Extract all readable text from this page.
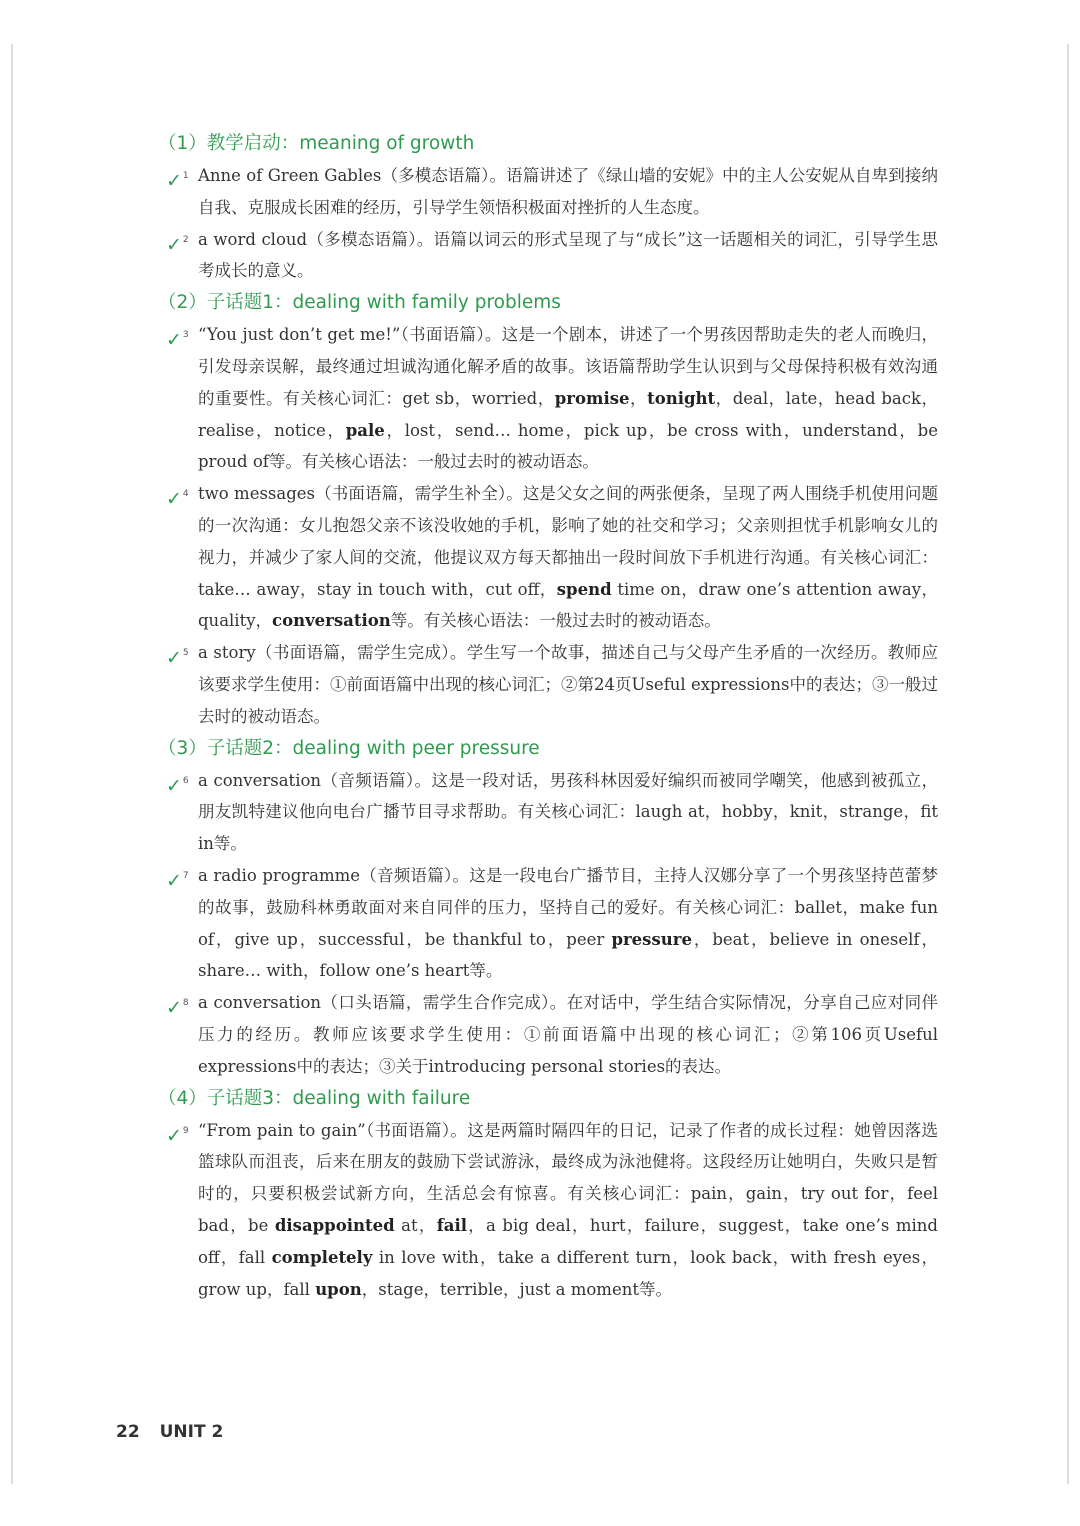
（1）教学启动：meaning of growth
✓$^1$ Anne of Green Gables（多模态语篇）。语篇讲述了《绿山墙的安妮》中的主人公安妮从自卑到接纳自我、克服成长困难的经历，引导学生领悟积极面对挫折的人生态度。
✓$^2$ a word cloud（多模态语篇）。语篇以词云的形式呈现了与“成长”这一话题相关的词汇，引导学生思考成长的意义。
（2）子话题1：dealing with family problems
✓$^3$ “You just don’t get me!”（书面语篇）。这是一个剧本，讲述了一个男孩因帮助走失的老人而晚归，引发母亲误解，最终通过坦诚沟通化解矛盾的故事。该语篇帮助学生认识到与父母保持积极有效沟通的重要性。有关核心词汇：get sb，worried，promise，tonight，deal，late，head back，realise，notice，pale，lost，send… home，pick up，be cross with，understand，be proud of等。有关核心语法：一般过去时的被动语态。
✓$^4$ two messages（书面语篇，需学生补全）。这是父女之间的两张便条，呈现了两人围绕手机使用问题的一次沟通：女儿抱怨父亲不该没收她的手机，影响了她的社交和学习；父亲则担忧手机影响女儿的视力，并减少了家人间的交流，他提议双方每天都抽出一段时间放下手机进行沟通。有关核心词汇：take… away，stay in touch with，cut off，spend time on，draw one’s attention away，quality，conversation等。有关核心语法：一般过去时的被动语态。
✓$^5$ a story（书面语篇，需学生完成）。学生写一个故事，描述自己与父母产生矛盾的一次经历。教师应该要求学生使用：①前面语篇中出现的核心词汇；②第24页Useful expressions中的表达；③一般过去时的被动语态。
（3）子话题2：dealing with peer pressure
✓$^6$ a conversation（音频语篇）。这是一段对话，男孩科林因爱好编织而被同学嘲笑，他感到被孤立，朋友凯特建议他向电台广播节目寻求帮助。有关核心词汇：laugh at，hobby，knit，strange，fit in等。
✓$^7$ a radio programme（音频语篇）。这是一段电台广播节目，主持人汉娜分享了一个男孩坚持芭蕾梦的故事，鼓励科林勇敢面对来自同伴的压力，坚持自己的爱好。有关核心词汇：ballet，make fun of，give up，successful，be thankful to，peer pressure，beat，believe in oneself，share… with，follow one’s heart等。
✓$^8$ a conversation（口头语篇，需学生合作完成）。在对话中，学生结合实际情况，分享自己应对同伴压力的经历。教师应该要求学生使用：①前面语篇中出现的核心词汇；②第106页Useful expressions中的表达；③关于introducing personal stories的表达。
（4）子话题3：dealing with failure
✓$^9$ “From pain to gain”（书面语篇）。这是两篇时隔四年的日记，记录了作者的成长过程：她曾因落选篮球队而沮丧，后来在朋友的鼓励下尝试游泳，最终成为泳池健将。这段经历让她明白，失败只是暂时的，只要积极尝试新方向，生活总会有惊喜。有关核心词汇：pain，gain，try out for，feel bad，be disappointed at，fail，a big deal，hurt，failure，suggest，take one’s mind off，fall completely in love with，take a different turn，look back，with fresh eyes，grow up，fall upon，stage，terrible，just a moment等。
22 UNIT 2
